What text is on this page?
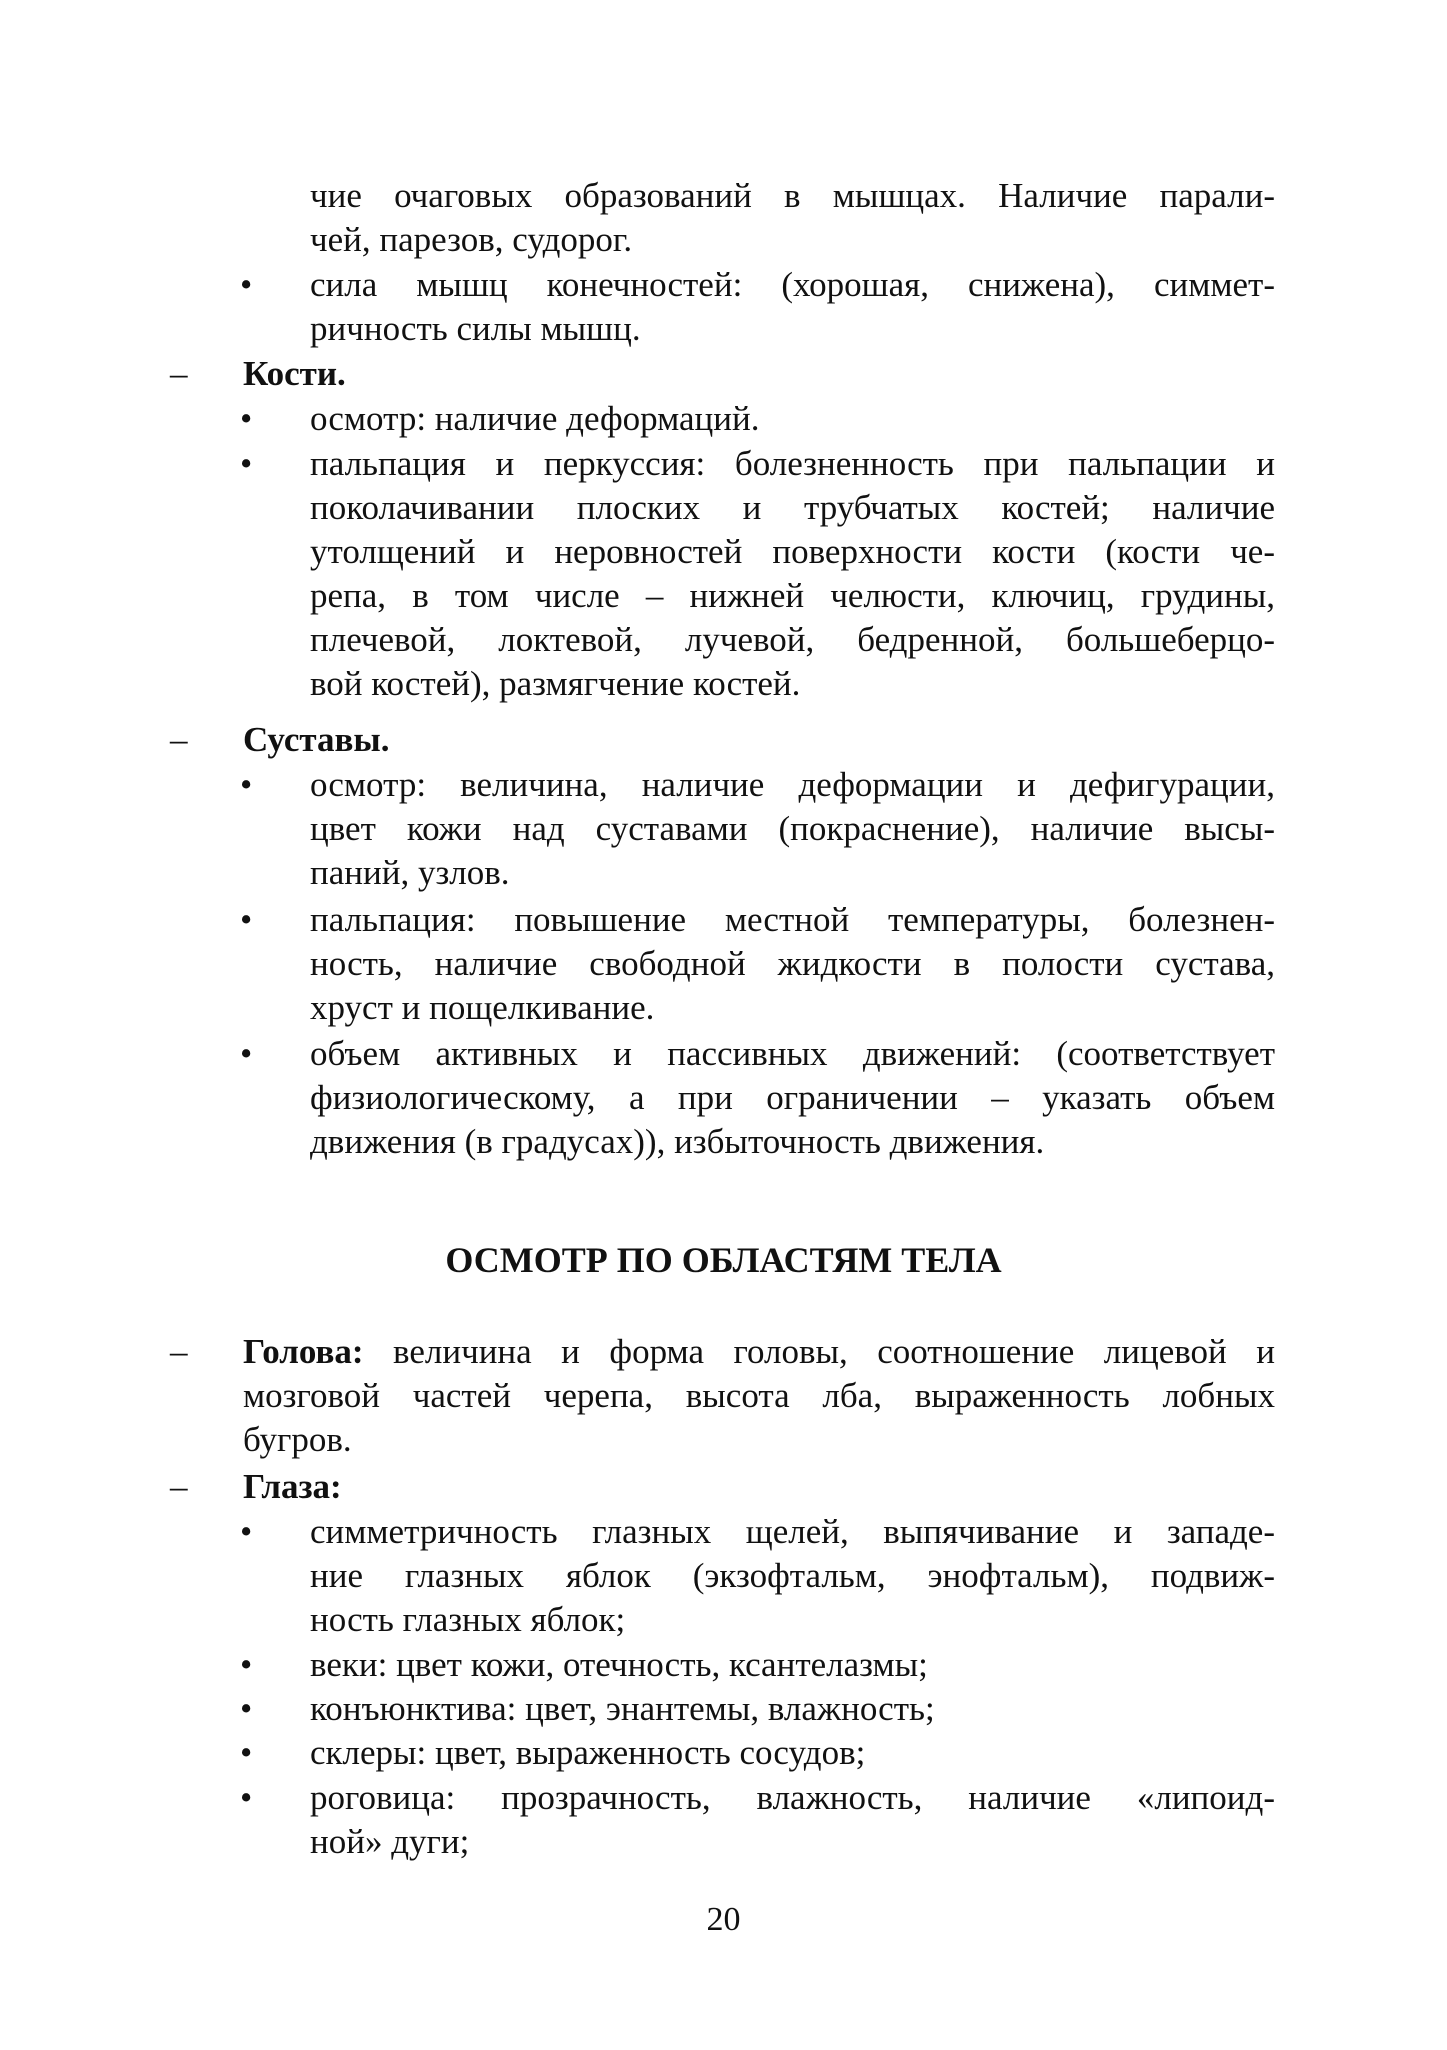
чие очаговых образований в мышцах. Наличие парали-
чей, парезов, судорог.
• сила мышц конечностей: (хорошая, снижена), симмет-
ричность силы мышц.
– Кости.
• осмотр: наличие деформаций.
• пальпация и перкуссия: болезненность при пальпации и
поколачивании плоских и трубчатых костей; наличие
утолщений и неровностей поверхности кости (кости че-
репа, в том числе – нижней челюсти, ключиц, грудины,
плечевой, локтевой, лучевой, бедренной, большеберцо-
вой костей), размягчение костей.
– Суставы.
• осмотр: величина, наличие деформации и дефигурации,
цвет кожи над суставами (покраснение), наличие высы-
паний, узлов.
• пальпация: повышение местной температуры, болезнен-
ность, наличие свободной жидкости в полости сустава,
хруст и пощелкивание.
• объем активных и пассивных движений: (соответствует
физиологическому, а при ограничении – указать объем
движения (в градусах)), избыточность движения.
ОСМОТР ПО ОБЛАСТЯМ ТЕЛА
– Голова: величина и форма головы, соотношение лицевой и
мозговой частей черепа, высота лба, выраженность лобных
бугров.
– Глаза:
• симметричность глазных щелей, выпячивание и западе-
ние глазных яблок (экзофтальм, энофтальм), подвиж-
ность глазных яблок;
• веки: цвет кожи, отечность, ксантелазмы;
• конъюнктива: цвет, энантемы, влажность;
• склеры: цвет, выраженность сосудов;
• роговица: прозрачность, влажность, наличие «липоид-
ной» дуги;
20
